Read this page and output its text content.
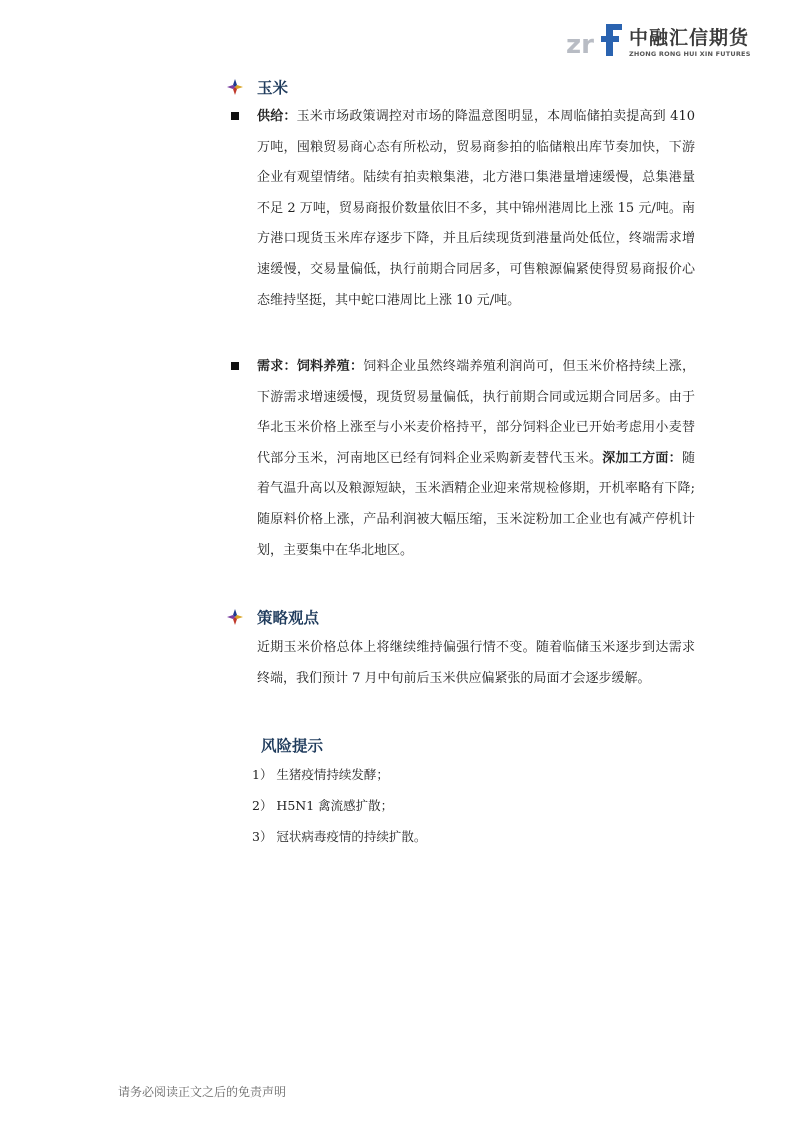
zr 中融汇信期货
ZHONG RONG HUI XIN FUTURES
玉米
供给：玉米市场政策调控对市场的降温意图明显，本周临储拍卖提高到 410 万吨，囤粮贸易商心态有所松动，贸易商参拍的临储粮出库节奏加快，下游企业有观望情绪。陆续有拍卖粮集港，北方港口集港量增速缓慢，总集港量不足 2 万吨，贸易商报价数量依旧不多，其中锦州港周比上涨 15 元/吨。南方港口现货玉米库存逐步下降，并且后续现货到港量尚处低位，终端需求增速缓慢，交易量偏低，执行前期合同居多，可售粮源偏紧使得贸易商报价心态维持坚挺，其中蛇口港周比上涨 10 元/吨。
需求：饲料养殖：饲料企业虽然终端养殖利润尚可，但玉米价格持续上涨，下游需求增速缓慢，现货贸易量偏低，执行前期合同或远期合同居多。由于华北玉米价格上涨至与小米麦价格持平，部分饲料企业已开始考虑用小麦替代部分玉米，河南地区已经有饲料企业采购新麦替代玉米。深加工方面：随着气温升高以及粮源短缺，玉米酒精企业迎来常规检修期，开机率略有下降;随原料价格上涨，产品利润被大幅压缩，玉米淀粉加工企业也有减产停机计划，主要集中在华北地区。
策略观点
近期玉米价格总体上将继续维持偏强行情不变。随着临储玉米逐步到达需求终端，我们预计 7 月中旬前后玉米供应偏紧张的局面才会逐步缓解。
风险提示
1） 生猪疫情持续发酵；
2） H5N1 禽流感扩散；
3） 冠状病毒疫情的持续扩散。
请务必阅读正文之后的免责声明
